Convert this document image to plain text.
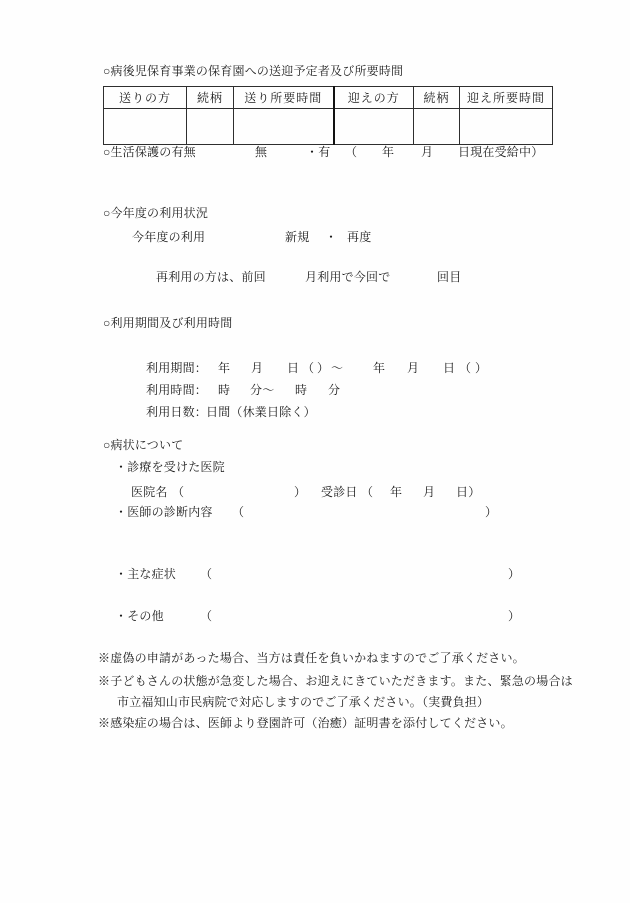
○病後児保育事業の保育園への送迎予定者及び所要時間
送りの方	続柄	送り所要時間	迎えの方	続柄	迎え所要時間

○生活保護の有無	無	・有 （ 年 月 日現在受給中）
○今年度の利用状況
今年度の利用	新規 ・ 再度
再利用の方は、前回	月利用で今回で	回目
○利用期間及び利用時間
利用期間： 年 月 日 （ ） ～ 年 月 日 （ ）
利用時間： 時 分～ 時 分
利用日数：
日間（休業日除く）
○病状について
・診療を受けた医院
医院名 （	） 受診日 （ 年 月 日）
・医師の診断内容 （	）
・主な症状 （	）
・その他	（	）
※虚偽の申請があった場合、当方は責任を負いかねますのでご了承ください。
※子どもさんの状態が急変した場合、お迎えにきていただきます。また、緊急の場合は
市立福知山市民病院で対応しますのでご了承ください。（実費負担）
※感染症の場合は、医師より登園許可（治癒）証明書を添付してください。
